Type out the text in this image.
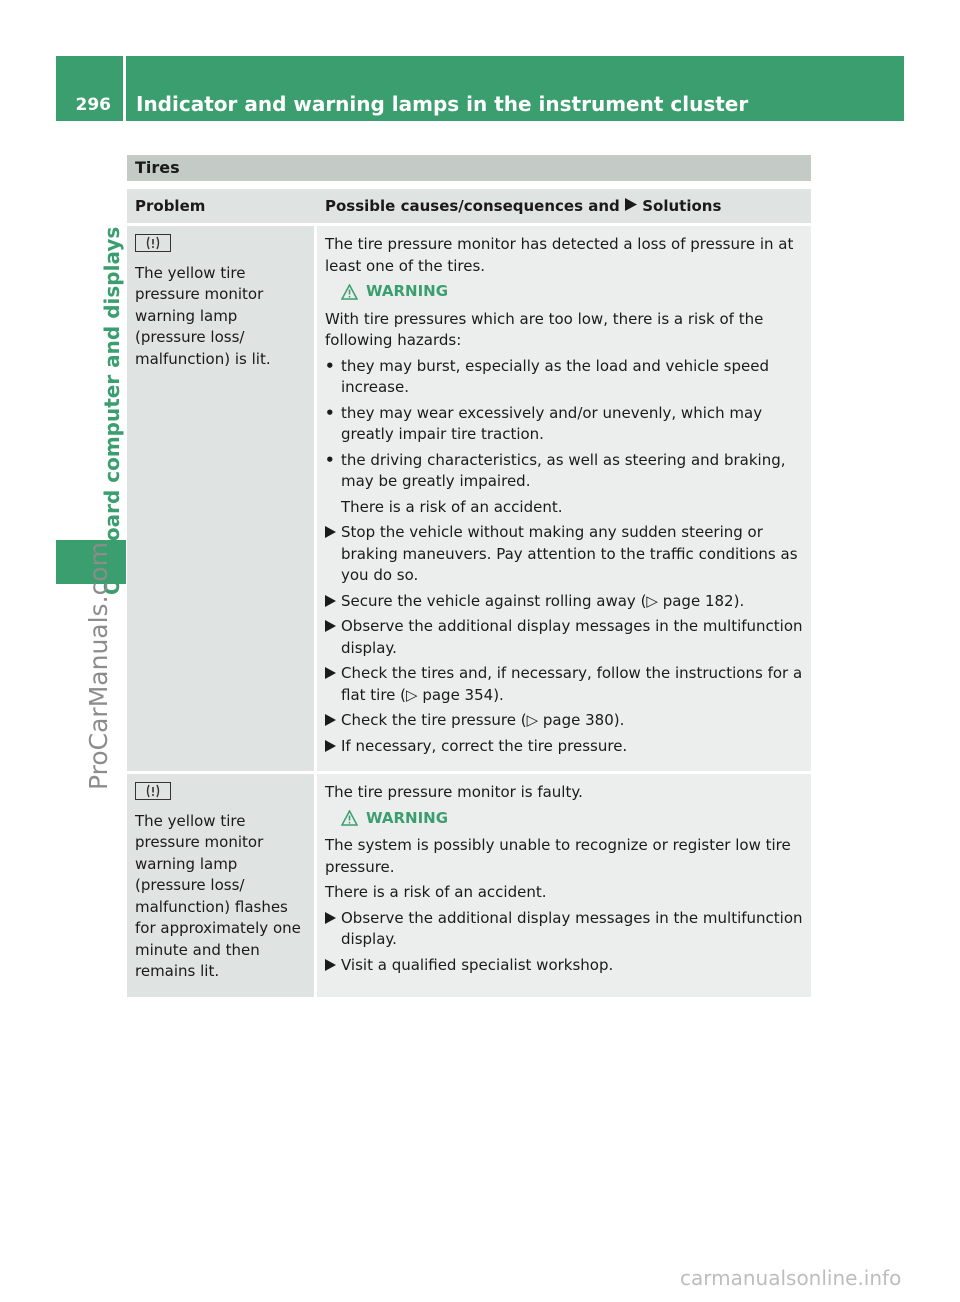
296	Indicator and warning lamps in the instrument cluster
On-board computer and displays
ProCarManuals.com
carmanualsonline.info
Tires
Problem	Possible causes/consequences and Solutions

The yellow tire pressure monitor warning lamp (pressure loss/ malfunction) is lit.

The tire pressure monitor has detected a loss of pressure in at least one of the tires.

WARNING

With tire pressures which are too low, there is a risk of the following hazards:

• they may burst, especially as the load and vehicle speed increase.
• they may wear excessively and/or unevenly, which may greatly impair tire traction.
• the driving characteristics, as well as steering and braking, may be greatly impaired.

There is a risk of an accident.

Stop the vehicle without making any sudden steering or braking maneuvers. Pay attention to the traffic conditions as you do so.
Secure the vehicle against rolling away (▷ page 182).
Observe the additional display messages in the multifunction display.
Check the tires and, if necessary, follow the instructions for a flat tire (▷ page 354).
Check the tire pressure (▷ page 380).
If necessary, correct the tire pressure.

The yellow tire pressure monitor warning lamp (pressure loss/ malfunction) flashes for approximately one minute and then remains lit.

The tire pressure monitor is faulty.

WARNING

The system is possibly unable to recognize or register low tire pressure.

There is a risk of an accident.

Observe the additional display messages in the multifunction display.
Visit a qualified specialist workshop.
